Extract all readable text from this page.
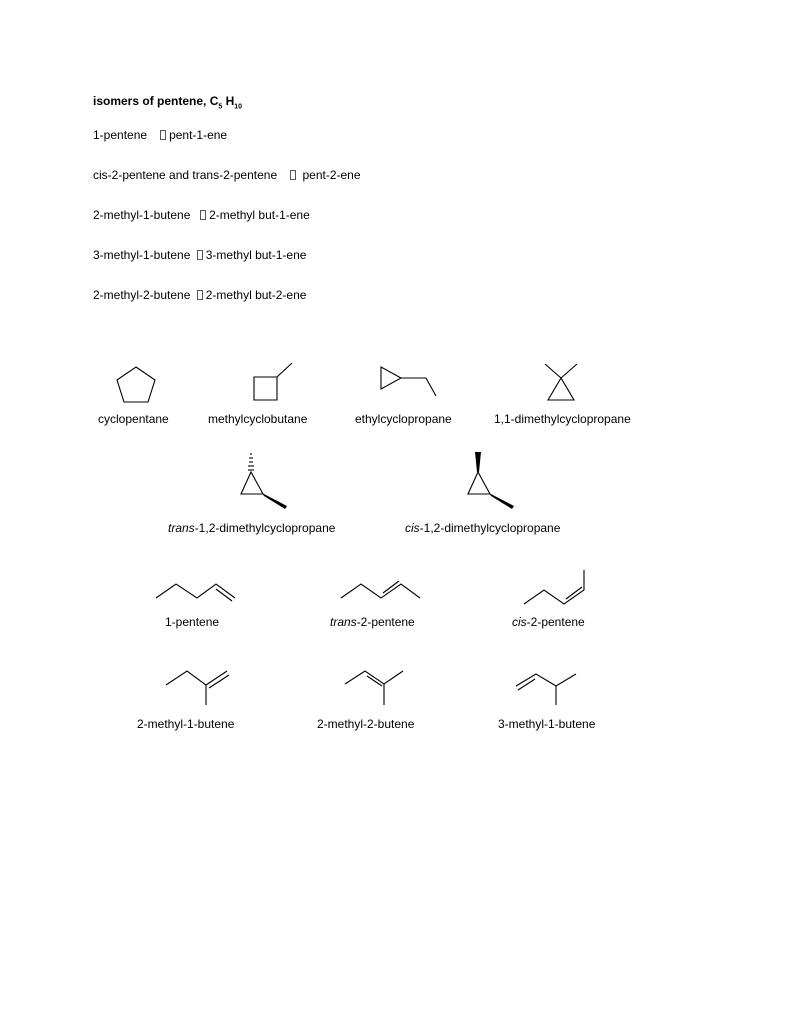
isomers of pentene, $C_5$ $H_{10}$
1-pentene pent-1-ene
cis-2-pentene and trans-2-pentene pent-2-ene
2-methyl-1-butene 2-methyl but-1-ene
3-methyl-1-butene 3-methyl but-1-ene
2-methyl-2-butene 2-methyl but-2-ene
cyclopentane	methylcyclobutane	ethylcyclopropane	1,1-dimethylcyclopropane
trans-1,2-dimethylcyclopropane	cis-1,2-dimethylcyclopropane
1-pentene	trans-2-pentene	cis-2-pentene
2-methyl-1-butene	2-methyl-2-butene	3-methyl-1-butene
